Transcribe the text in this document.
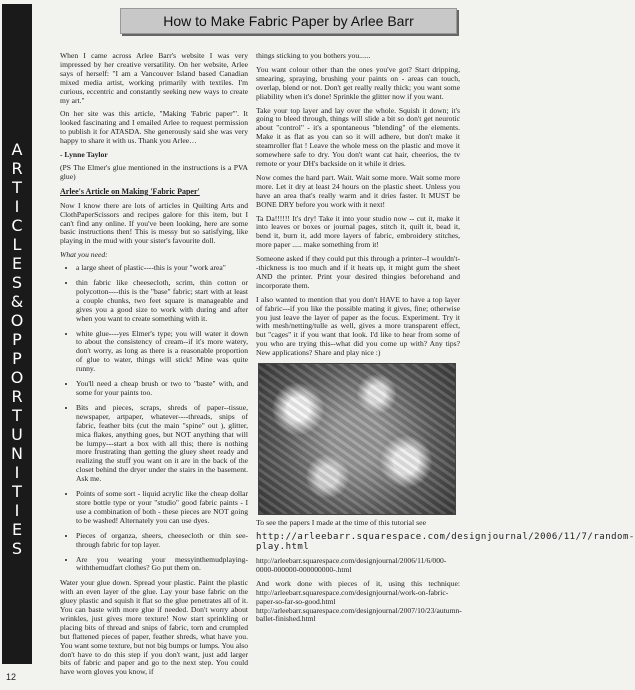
A
R
T
I
C
L
E
S
&
O
P
P
O
R
T
U
N
I
T
I
E
S
How to Make Fabric Paper by Arlee Barr

When I came across Arlee Barr's website I was very impressed by her creative versatility. On her website, Arlee says of herself: "I am a Vancouver Island based Canadian mixed media artist, working primarily with textiles. I'm curious, eccentric and constantly seeking new ways to create my art."

On her site was this article, "Making 'Fabric paper'". It looked fascinating and I emailed Arlee to request permission to publish it for ATASDA. She generously said she was very happy to share it with us. Thank you Arlee…

- Lynne Taylor

(PS The Elmer's glue mentioned in the instructions is a PVA glue)

Arlee's Article on Making 'Fabric Paper'

Now I know there are lots of articles in Quilting Arts and ClothPaperScissors and recipes galore for this item, but I can't find any online. If you've been looking, here are some basic instructions then! This is messy but so satisfying, like playing in the mud with your sister's favourite doll.

What you need:

• a large sheet of plastic----this is your "work area"
• thin fabric like cheesecloth, scrim, thin cotton or polycotton----this is the "base" fabric; start with at least a couple chunks, two feet square is manageable and gives you a good size to work with during and after when you want to create something with it.
• white glue----yes Elmer's type; you will water it down to about the consistency of cream--if it's more watery, don't worry, as long as there is a reasonable proportion of glue to water, things will stick! Mine was quite runny.
• You'll need a cheap brush or two to "baste" with, and some for your paints too.
• Bits and pieces, scraps, shreds of paper--tissue, newspaper, artpaper, whatever----threads, snips of fabric, feather bits (cut the main "spine" out ), glitter, mica flakes, anything goes, but NOT anything that will be lumpy---start a box with all this; there is nothing more frustrating than getting the gluey sheet ready and realizing the stuff you want on it are in the back of the closet behind the dryer under the stairs in the basement. Ask me.
• Points of some sort - liquid acrylic like the cheap dollar store bottle type or your "studio" good fabric paints - I use a combination of both - these pieces are NOT going to be washed! Alternately you can use dyes.
• Pieces of organza, sheers, cheesecloth or thin see-through fabric for top layer.
• Are you wearing your messyinthemudplaying-withthemudfart clothes? Go put them on.

Water your glue down. Spread your plastic. Paint the plastic with an even layer of the glue. Lay your base fabric on the gluey plastic and squish it flat so the glue penetrates all of it. You can baste with more glue if needed. Don't worry about wrinkles, just gives more texture! Now start sprinkling or placing bits of thread and snips of fabric, torn and crumpled but flattened pieces of paper, feather shreds, what have you. You want some texture, but not big bumps or lumps. You also don't have to do this step if you don't want, just add larger bits of fabric and paper and go to the next step. You could have worn gloves you know, if

things sticking to you bothers you......

You want colour other than the ones you've got? Start dripping, smearing, spraying, brushing your paints on - areas can touch, overlap, blend or not. Don't get really really thick; you want some pliability when it's done! Sprinkle the glitter now if you want.

Take your top layer and lay over the whole. Squish it down; it's going to bleed through, things will slide a bit so don't get neurotic about "control" - it's a spontaneous "blending" of the elements. Make it as flat as you can so it will adhere, but don't make it steamroller flat ! Leave the whole mess on the plastic and move it somewhere safe to dry. You don't want cat hair, cheerios, the tv remote or your DH's backside on it while it dries.

Now comes the hard part. Wait. Wait some more. Wait some more more. Let it dry at least 24 hours on the plastic sheet. Unless you have an area that's really warm and it dries faster. It MUST be BONE DRY before you work with it next!

Ta Da!!!!!! It's dry! Take it into your studio now -- cut it, make it into leaves or boxes or journal pages, stitch it, quilt it, bead it, bend it, burn it, add more layers of fabric, embroidery stitches, more paper ..... make something from it!

Someone asked if they could put this through a printer--I wouldn't--thickness is too much and if it heats up, it might gum the sheet AND the printer. Print your desired thingies beforehand and incorporate them.

I also wanted to mention that you don't HAVE to have a top layer of fabric---if you like the possible mating it gives, fine; otherwise you just leave the layer of paper as the focus. Experiment. Try it with mesh/netting/tulle as well, gives a more transparent effect, but "cages" it if you want that look. I'd like to hear from some of you who are trying this--what did you come up with? Any tips? New applications? Share and play nice :)

To see the papers I made at the time of this tutorial see

http://arleebarr.squarespace.com/designjournal/2006/11/7/random-play.html

http://arleebarr.squarespace.com/designjournal/2006/11/6/000-0000-000000-000000000-.html

And work done with pieces of it, using this technique: http://arleebarr.squarespace.com/designjournal/work-on-fabric-paper-so-far-so-good.html http://arleebarr.squarespace.com/designjournal/2007/10/23/autumn-ballet-finished.html

12
